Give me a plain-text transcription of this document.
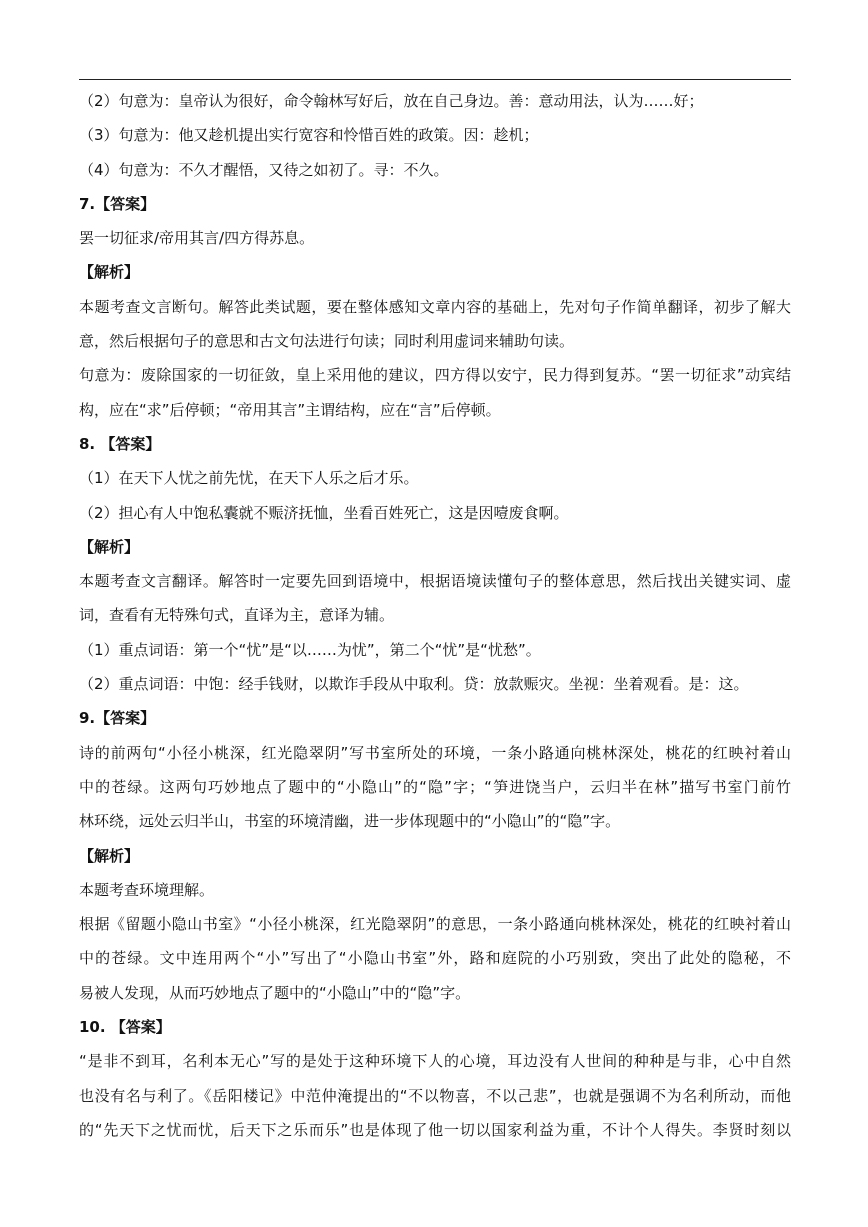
（2）句意为：皇帝认为很好，命令翰林写好后，放在自己身边。善：意动用法，认为……好；
（3）句意为：他又趁机提出实行宽容和怜惜百姓的政策。因：趁机；
（4）句意为：不久才醒悟，又待之如初了。寻：不久。
7.【答案】
罢一切征求/帝用其言/四方得苏息。
【解析】
本题考查文言断句。解答此类试题，要在整体感知文章内容的基础上，先对句子作简单翻译，初步了解大
意，然后根据句子的意思和古文句法进行句读；同时利用虚词来辅助句读。
句意为：废除国家的一切征敛，皇上采用他的建议，四方得以安宁，民力得到复苏。“罢一切征求”动宾结
构，应在“求”后停顿；“帝用其言”主谓结构，应在“言”后停顿。
8. 【答案】
（1）在天下人忧之前先忧，在天下人乐之后才乐。
（2）担心有人中饱私囊就不赈济抚恤，坐看百姓死亡，这是因噎废食啊。
【解析】
本题考查文言翻译。解答时一定要先回到语境中，根据语境读懂句子的整体意思，然后找出关键实词、虚
词，查看有无特殊句式，直译为主，意译为辅。
（1）重点词语：第一个“忧”是“以……为忧”，第二个“忧”是“忧愁”。
（2）重点词语：中饱：经手钱财，以欺诈手段从中取利。贷：放款赈灾。坐视：坐着观看。是：这。
9.【答案】
诗的前两句“小径小桃深，红光隐翠阴”写书室所处的环境，一条小路通向桃林深处，桃花的红映衬着山
中的苍绿。这两句巧妙地点了题中的“小隐山”的“隐”字；“笋进饶当户，云归半在林”描写书室门前竹
林环绕，远处云归半山，书室的环境清幽，进一步体现题中的“小隐山”的“隐”字。
【解析】
本题考查环境理解。
根据《留题小隐山书室》“小径小桃深，红光隐翠阴”的意思，一条小路通向桃林深处，桃花的红映衬着山
中的苍绿。文中连用两个“小”写出了“小隐山书室”外，路和庭院的小巧别致，突出了此处的隐秘，不
易被人发现，从而巧妙地点了题中的“小隐山”中的“隐”字。
10. 【答案】
“是非不到耳，名利本无心”写的是处于这种环境下人的心境，耳边没有人世间的种种是与非，心中自然
也没有名与利了。《岳阳楼记》中范仲淹提出的“不以物喜，不以己悲”，也就是强调不为名利所动，而他
的“先天下之忧而忧，后天下之乐而乐”也是体现了他一切以国家利益为重，不计个人得失。李贤时刻以
